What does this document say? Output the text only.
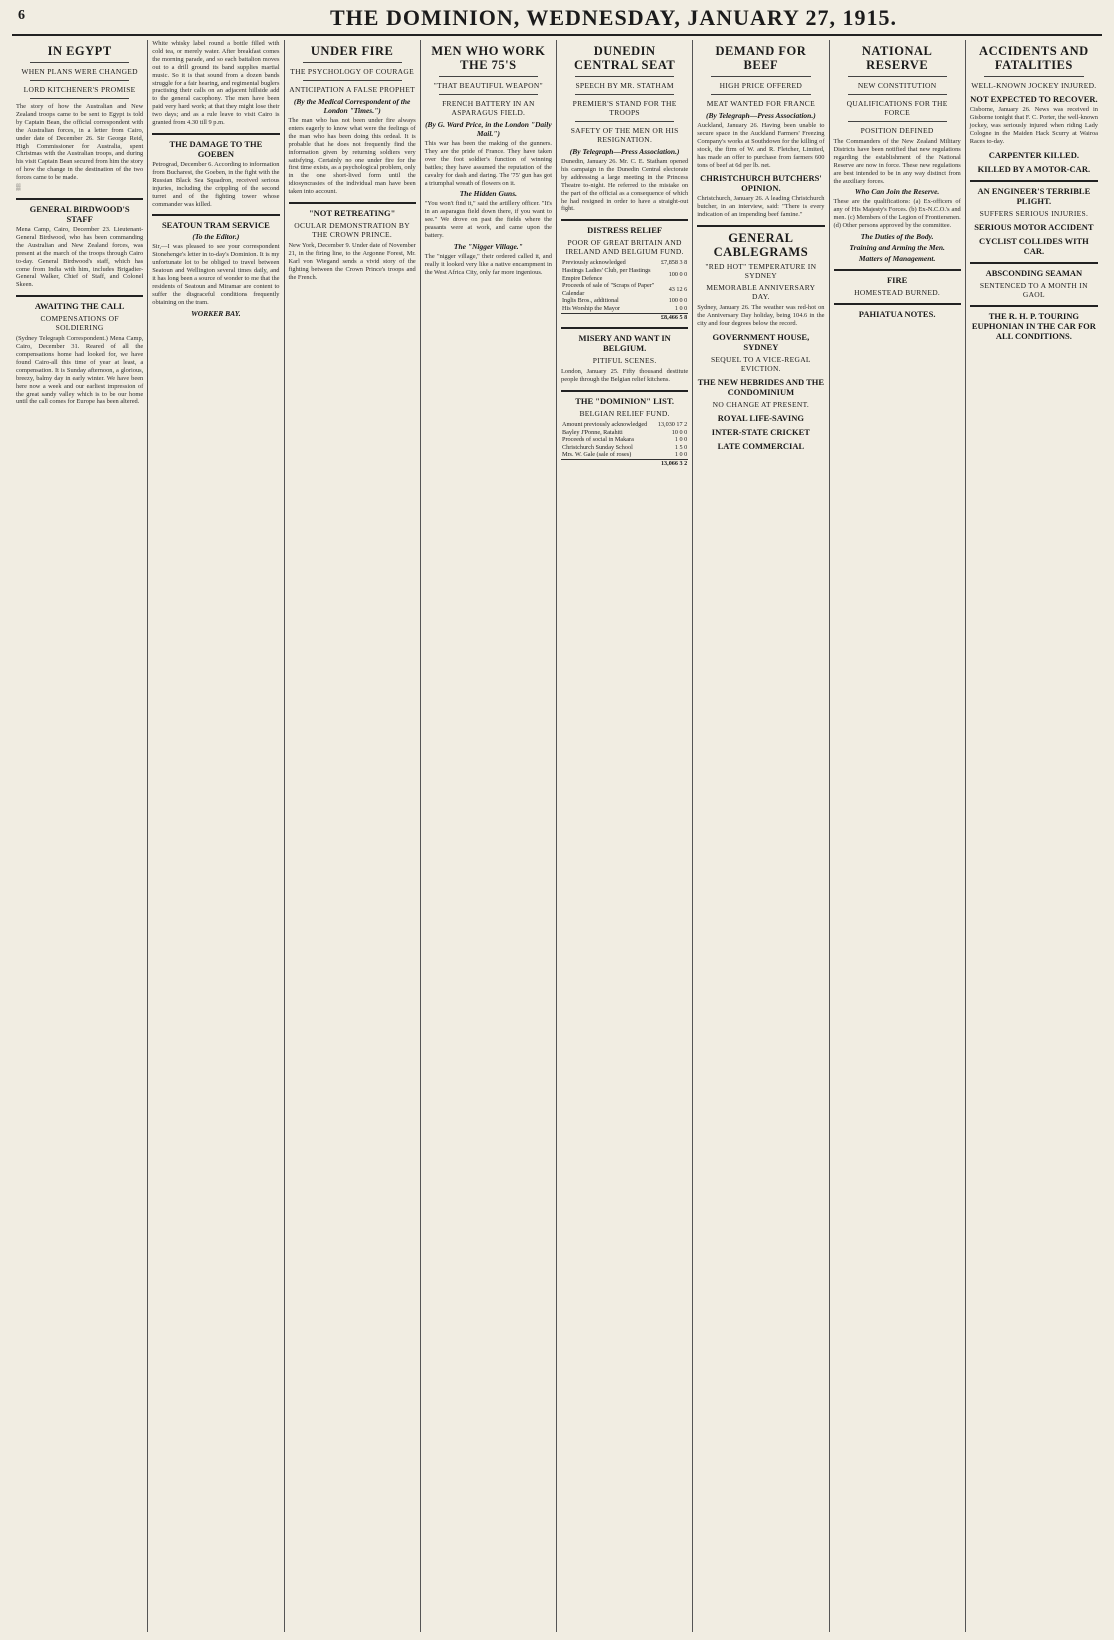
6	THE DOMINION, WEDNESDAY, JANUARY 27, 1915.
IN EGYPT
WHEN PLANS WERE CHANGED
LORD KITCHENER'S PROMISE

The story of how the Australian and New Zealand troops came to be sent to Egypt is told by Captain Bean, the official correspondent with the Australian forces, in a letter from Cairo, under date of December 26. Sir George Reid, High Commissioner for Australia, spent Christmas with the Australian troops, and during his visit Captain Bean secured from him the story of how the change in the destination of the two forces came to be made.

▒

GENERAL BIRDWOOD'S STAFF

Mena Camp, Cairo, December 23. Lieutenant-General Birdwood, who has been commanding the Australian and New Zealand forces, was present at the march of the troops through Cairo to-day. General Birdwood's staff, which has come from India with him, includes Brigadier-General Walker, Chief of Staff, and Colonel Skeen.

AWAITING THE CALL
COMPENSATIONS OF SOLDIERING

(Sydney Telegraph Correspondent.) Mena Camp, Cairo, December 31. Reared of all the compensations home had looked for, we have found Cairo-all this time of year at least, a compensation. It is Sunday afternoon, a glorious, breezy, balmy day in early winter. We have been here now a week and our earliest impression of the great sandy valley which is to be our home until the call comes for Europe has been altered.

White whisky label round a bottle filled with cold tea, or merely water. After breakfast comes the morning parade, and so each battalion moves out to a drill ground its band supplies martial music. So it is that sound from a dozen bands struggle for a fair hearing, and regimental buglers practising their calls on an adjacent hillside add to the general cacophony. The men have been paid very hard work; at that they might lose their two days; and as a rule leave to visit Cairo is granted from 4.30 till 9 p.m.

THE DAMAGE TO THE GOEBEN

Petrograd, December 6. According to information from Bucharest, the Goeben, in the fight with the Russian Black Sea Squadron, received serious injuries, including the crippling of the second turret and of the fighting tower whose commander was killed.

SEATOUN TRAM SERVICE
(To the Editor.)

Sir,—I was pleased to see your correspondent Stonehenge's letter in to-day's Dominion. It is my unfortunate lot to be obliged to travel between Seatoun and Wellington several times daily, and it has long been a source of wonder to me that the residents of Seatoun and Miramar are content to suffer the disgraceful conditions frequently obtaining on the tram.

WORKER BAY.
UNDER FIRE
THE PSYCHOLOGY OF COURAGE
ANTICIPATION A FALSE PROPHET
(By the Medical Correspondent of the London "Times.")

The man who has not been under fire always enters eagerly to know what were the feelings of the man who has been doing this ordeal. It is probable that he does not frequently find the information given by returning soldiers very satisfying. Certainly no one under fire for the first time exists, as a psychological problem, only in the one short-lived form until the idiosyncrasies of the individual man have been taken into account.

"NOT RETREATING"
OCULAR DEMONSTRATION BY THE CROWN PRINCE.

New York, December 9. Under date of November 21, in the firing line, to the Argonne Forest, Mr. Karl von Wiegand sends a vivid story of the fighting between the Crown Prince's troops and the French.

MEN WHO WORK THE 75'S
"THAT BEAUTIFUL WEAPON"
FRENCH BATTERY IN AN ASPARAGUS FIELD.
(By G. Ward Price, in the London "Daily Mail.")

This war has been the making of the gunners. They are the pride of France. They have taken over the foot soldier's function of winning battles; they have assumed the reputation of the cavalry for dash and daring. The '75' gun has got a triumphal wreath of flowers on it.

The Hidden Guns.

"You won't find it," said the artillery officer. "It's in an asparagus field down there, if you want to see." We drove on past the fields where the peasants were at work, and came upon the battery.

The "Nigger Village."

The "nigger village," their ordered called it, and really it looked very like a native encampment in the West Africa City, only far more ingenious.

DUNEDIN CENTRAL SEAT
SPEECH BY MR. STATHAM
PREMIER'S STAND FOR THE TROOPS
SAFETY OF THE MEN OR HIS RESIGNATION.
(By Telegraph—Press Association.)

Dunedin, January 26. Mr. C. E. Statham opened his campaign in the Dunedin Central electorate by addressing a large meeting in the Princess Theatre to-night. He referred to the mistake on the part of the official as a consequence of which he had resigned in order to have a straight-out fight.

DISTRESS RELIEF
POOR OF GREAT BRITAIN AND IRELAND AND BELGIUM FUND.
Previously acknowledged	£7,858 3 8
Hastings Ladies' Club, per Hastings Empire Defence	100 0 0
Proceeds of sale of "Scraps of Paper" Calendar	43 12 6
Inglis Bros., additional	100 0 0
His Worship the Mayor	1 0 0
	£8,466 5 8
MISERY AND WANT IN BELGIUM.
PITIFUL SCENES.

London, January 25. Fifty thousand destitute people through the Belgian relief kitchens.

THE "DOMINION" LIST.
BELGIAN RELIEF FUND.
Amount previously acknowledged	13,030 17 2
Bayley J'Ponne, Ratahiti	10 0 0
Proceeds of social in Makara	1 0 0
Christchurch Sunday School	1 5 0
Mrs. W. Gale (sale of roses)	1 0 0
	13,066 3 2
DEMAND FOR BEEF
HIGH PRICE OFFERED
MEAT WANTED FOR FRANCE
(By Telegraph—Press Association.)

Auckland, January 26. Having been unable to secure space in the Auckland Farmers' Freezing Company's works at Southdown for the killing of stock, the firm of W. and R. Fletcher, Limited, has made an offer to purchase from farmers 600 tons of beef at 6d per lb. net.

CHRISTCHURCH BUTCHERS' OPINION.

Christchurch, January 26. A leading Christchurch butcher, in an interview, said: "There is every indication of an impending beef famine."

GENERAL CABLEGRAMS
"RED HOT" TEMPERATURE IN SYDNEY
MEMORABLE ANNIVERSARY DAY.

Sydney, January 26. The weather was red-hot on the Anniversary Day holiday, being 104.6 in the city and four degrees below the record.

GOVERNMENT HOUSE, SYDNEY
SEQUEL TO A VICE-REGAL EVICTION.
THE NEW HEBRIDES AND THE CONDOMINIUM
NO CHANGE AT PRESENT.
ROYAL LIFE-SAVING
INTER-STATE CRICKET
LATE COMMERCIAL
NATIONAL RESERVE
NEW CONSTITUTION
QUALIFICATIONS FOR THE FORCE
POSITION DEFINED

The Commanders of the New Zealand Military Districts have been notified that new regulations regarding the establishment of the National Reserve are now in force. These new regulations are best intended to be in any way distinct from the auxiliary forces.

Who Can Join the Reserve.

These are the qualifications: (a) Ex-officers of any of His Majesty's Forces. (b) Ex-N.C.O.'s and men. (c) Members of the Legion of Frontiersmen. (d) Other persons approved by the committee.

The Duties of the Body.
Training and Arming the Men.
Matters of Management.
FIRE
HOMESTEAD BURNED.
PAHIATUA NOTES.
ACCIDENTS AND FATALITIES
WELL-KNOWN JOCKEY INJURED.
NOT EXPECTED TO RECOVER.

Cisborne, January 26. News was received in Gisborne tonight that F. C. Porter, the well-known jockey, was seriously injured when riding Lady Cologne in the Maiden Hack Scurry at Wairoa Races to-day.

CARPENTER KILLED.
KILLED BY A MOTOR-CAR.
AN ENGINEER'S TERRIBLE PLIGHT.
SUFFERS SERIOUS INJURIES.
SERIOUS MOTOR ACCIDENT
CYCLIST COLLIDES WITH CAR.
ABSCONDING SEAMAN
SENTENCED TO A MONTH IN GAOL
THE R. H. P. TOURING EUPHONIAN IN THE CAR FOR ALL CONDITIONS.
